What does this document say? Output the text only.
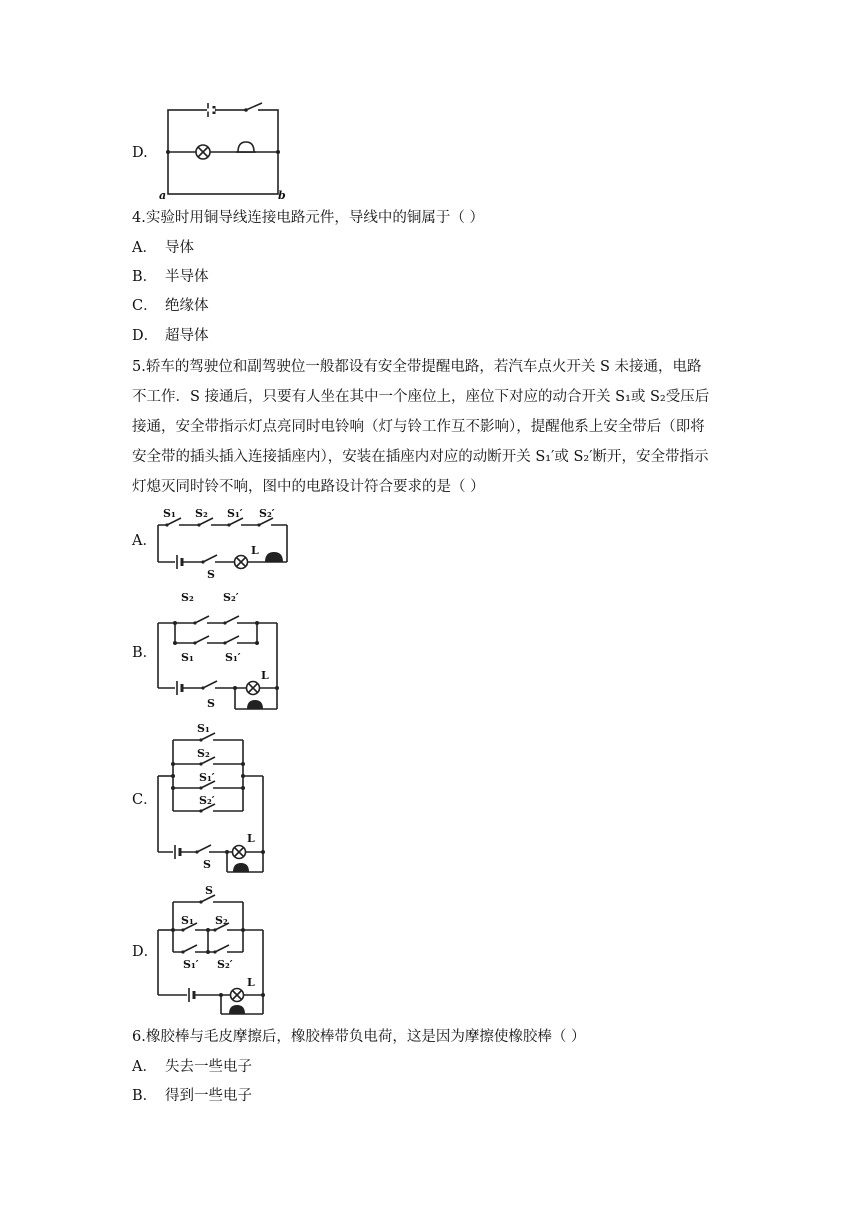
D.
a	b
4.实验时用铜导线连接电路元件，导线中的铜属于（ ）
A． 导体
B． 半导体
C． 绝缘体
D． 超导体
5.轿车的驾驶位和副驾驶位一般都设有安全带提醒电路，若汽车点火开关 S 未接通，电路
不工作．S 接通后，只要有人坐在其中一个座位上，座位下对应的动合开关 S₁或 S₂受压后
接通，安全带指示灯点亮同时电铃响（灯与铃工作互不影响），提醒他系上安全带后（即将
安全带的插头插入连接插座内），安装在插座内对应的动断开关 S₁′或 S₂′断开，安全带指示
灯熄灭同时铃不响，图中的电路设计符合要求的是（ ）
A．
S₁ S₂ S₁′ S₂′
S
L
B．
S₂	S₂′
S₁	S₁′
S
L
C．
S₁
S₂
S₁′
S₂′
S
L
D．
S
S₁ S₂
S₁′ S₂′
L
6.橡胶棒与毛皮摩擦后，橡胶棒带负电荷，这是因为摩擦使橡胶棒（ ）
A． 失去一些电子
B． 得到一些电子
